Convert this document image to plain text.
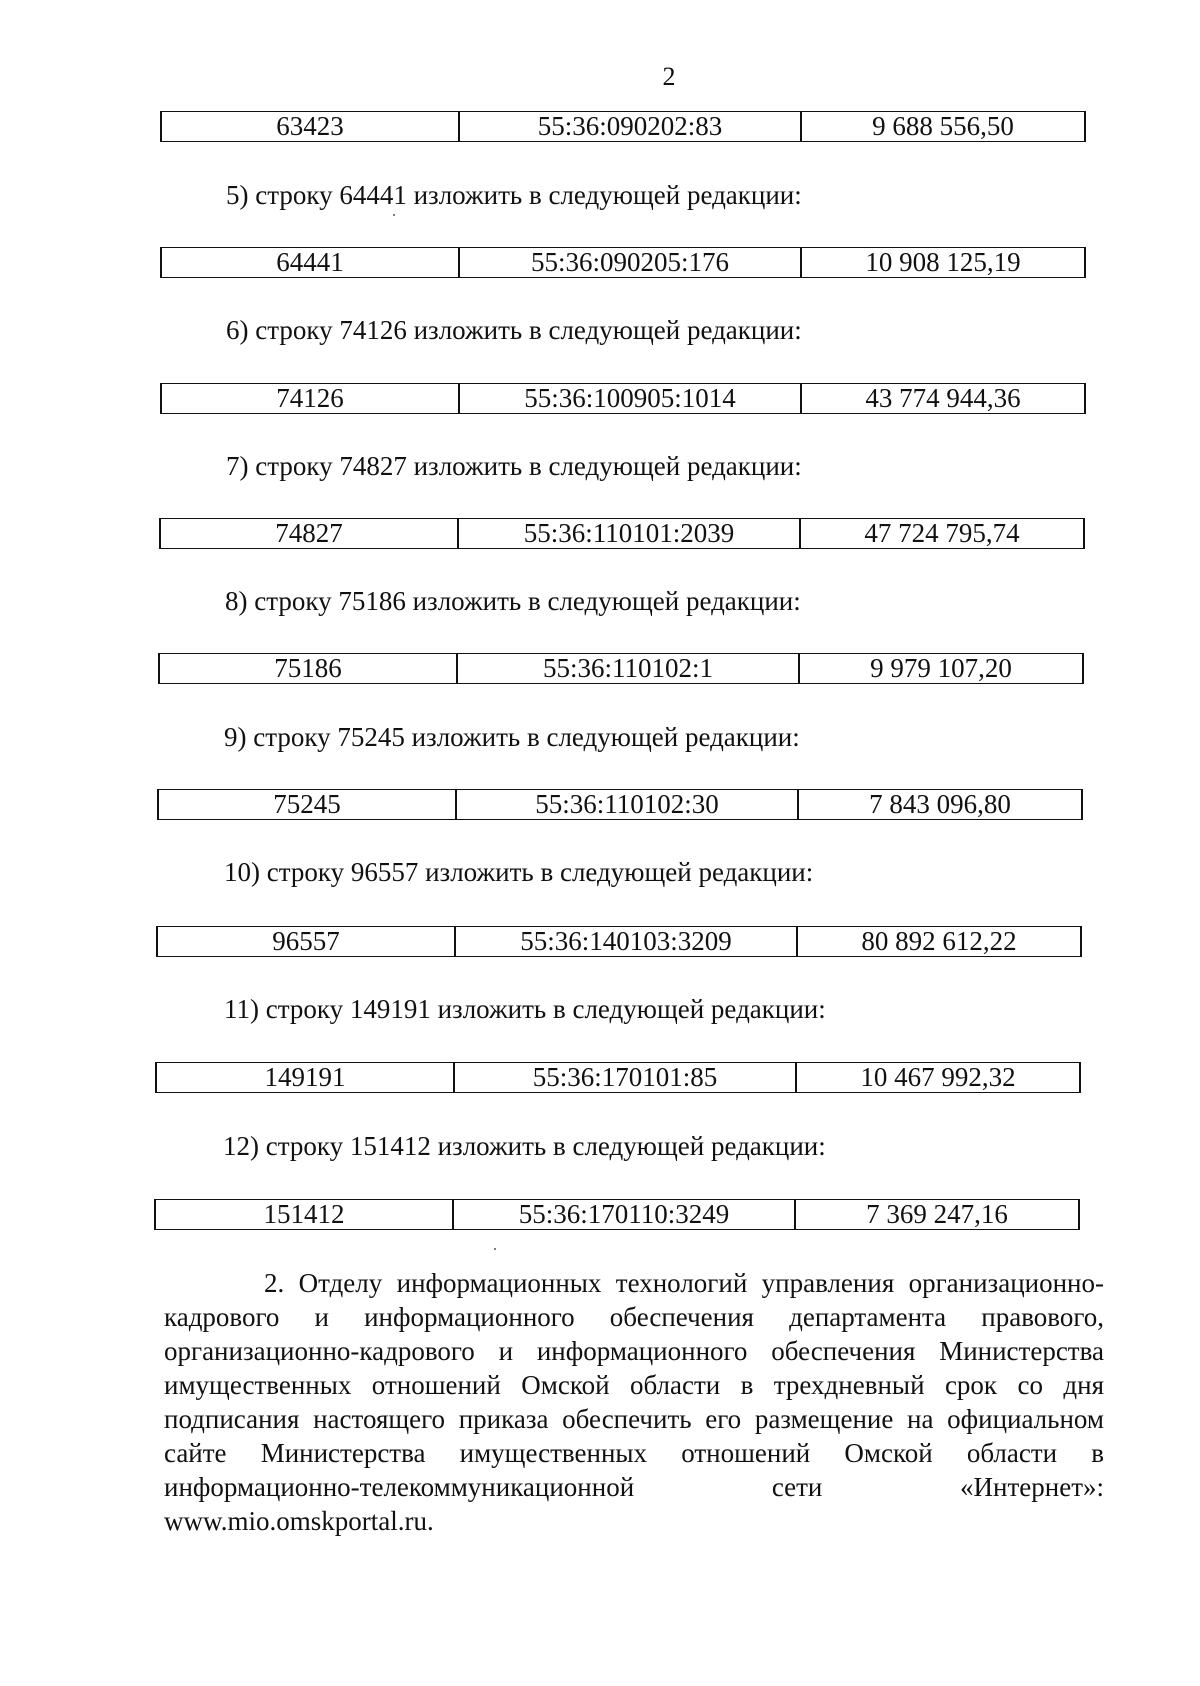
2
63423	55:36:090202:83	9 688 556,50
5) строку 64441 изложить в следующей редакции:
64441	55:36:090205:176	10 908 125,19
6) строку 74126 изложить в следующей редакции:
74126	55:36:100905:1014	43 774 944,36
7) строку 74827 изложить в следующей редакции:
74827	55:36:110101:2039	47 724 795,74
8) строку 75186 изложить в следующей редакции:
75186	55:36:110102:1	9 979 107,20
9) строку 75245 изложить в следующей редакции:
75245	55:36:110102:30	7 843 096,80
10) строку 96557 изложить в следующей редакции:
96557	55:36:140103:3209	80 892 612,22
11) строку 149191 изложить в следующей редакции:
149191	55:36:170101:85	10 467 992,32
12) строку 151412 изложить в следующей редакции:
151412	55:36:170110:3249	7 369 247,16
2. Отделу информационных технологий управления организационно-
кадрового и информационного обеспечения департамента правового,
организационно-кадрового и информационного обеспечения Министерства
имущественных отношений Омской области в трехдневный срок со дня
подписания настоящего приказа обеспечить его размещение на официальном
сайте Министерства имущественных отношений Омской области в
информационно-телекоммуникационной	сети	«Интернет»:
www.mio.omskportal.ru.
